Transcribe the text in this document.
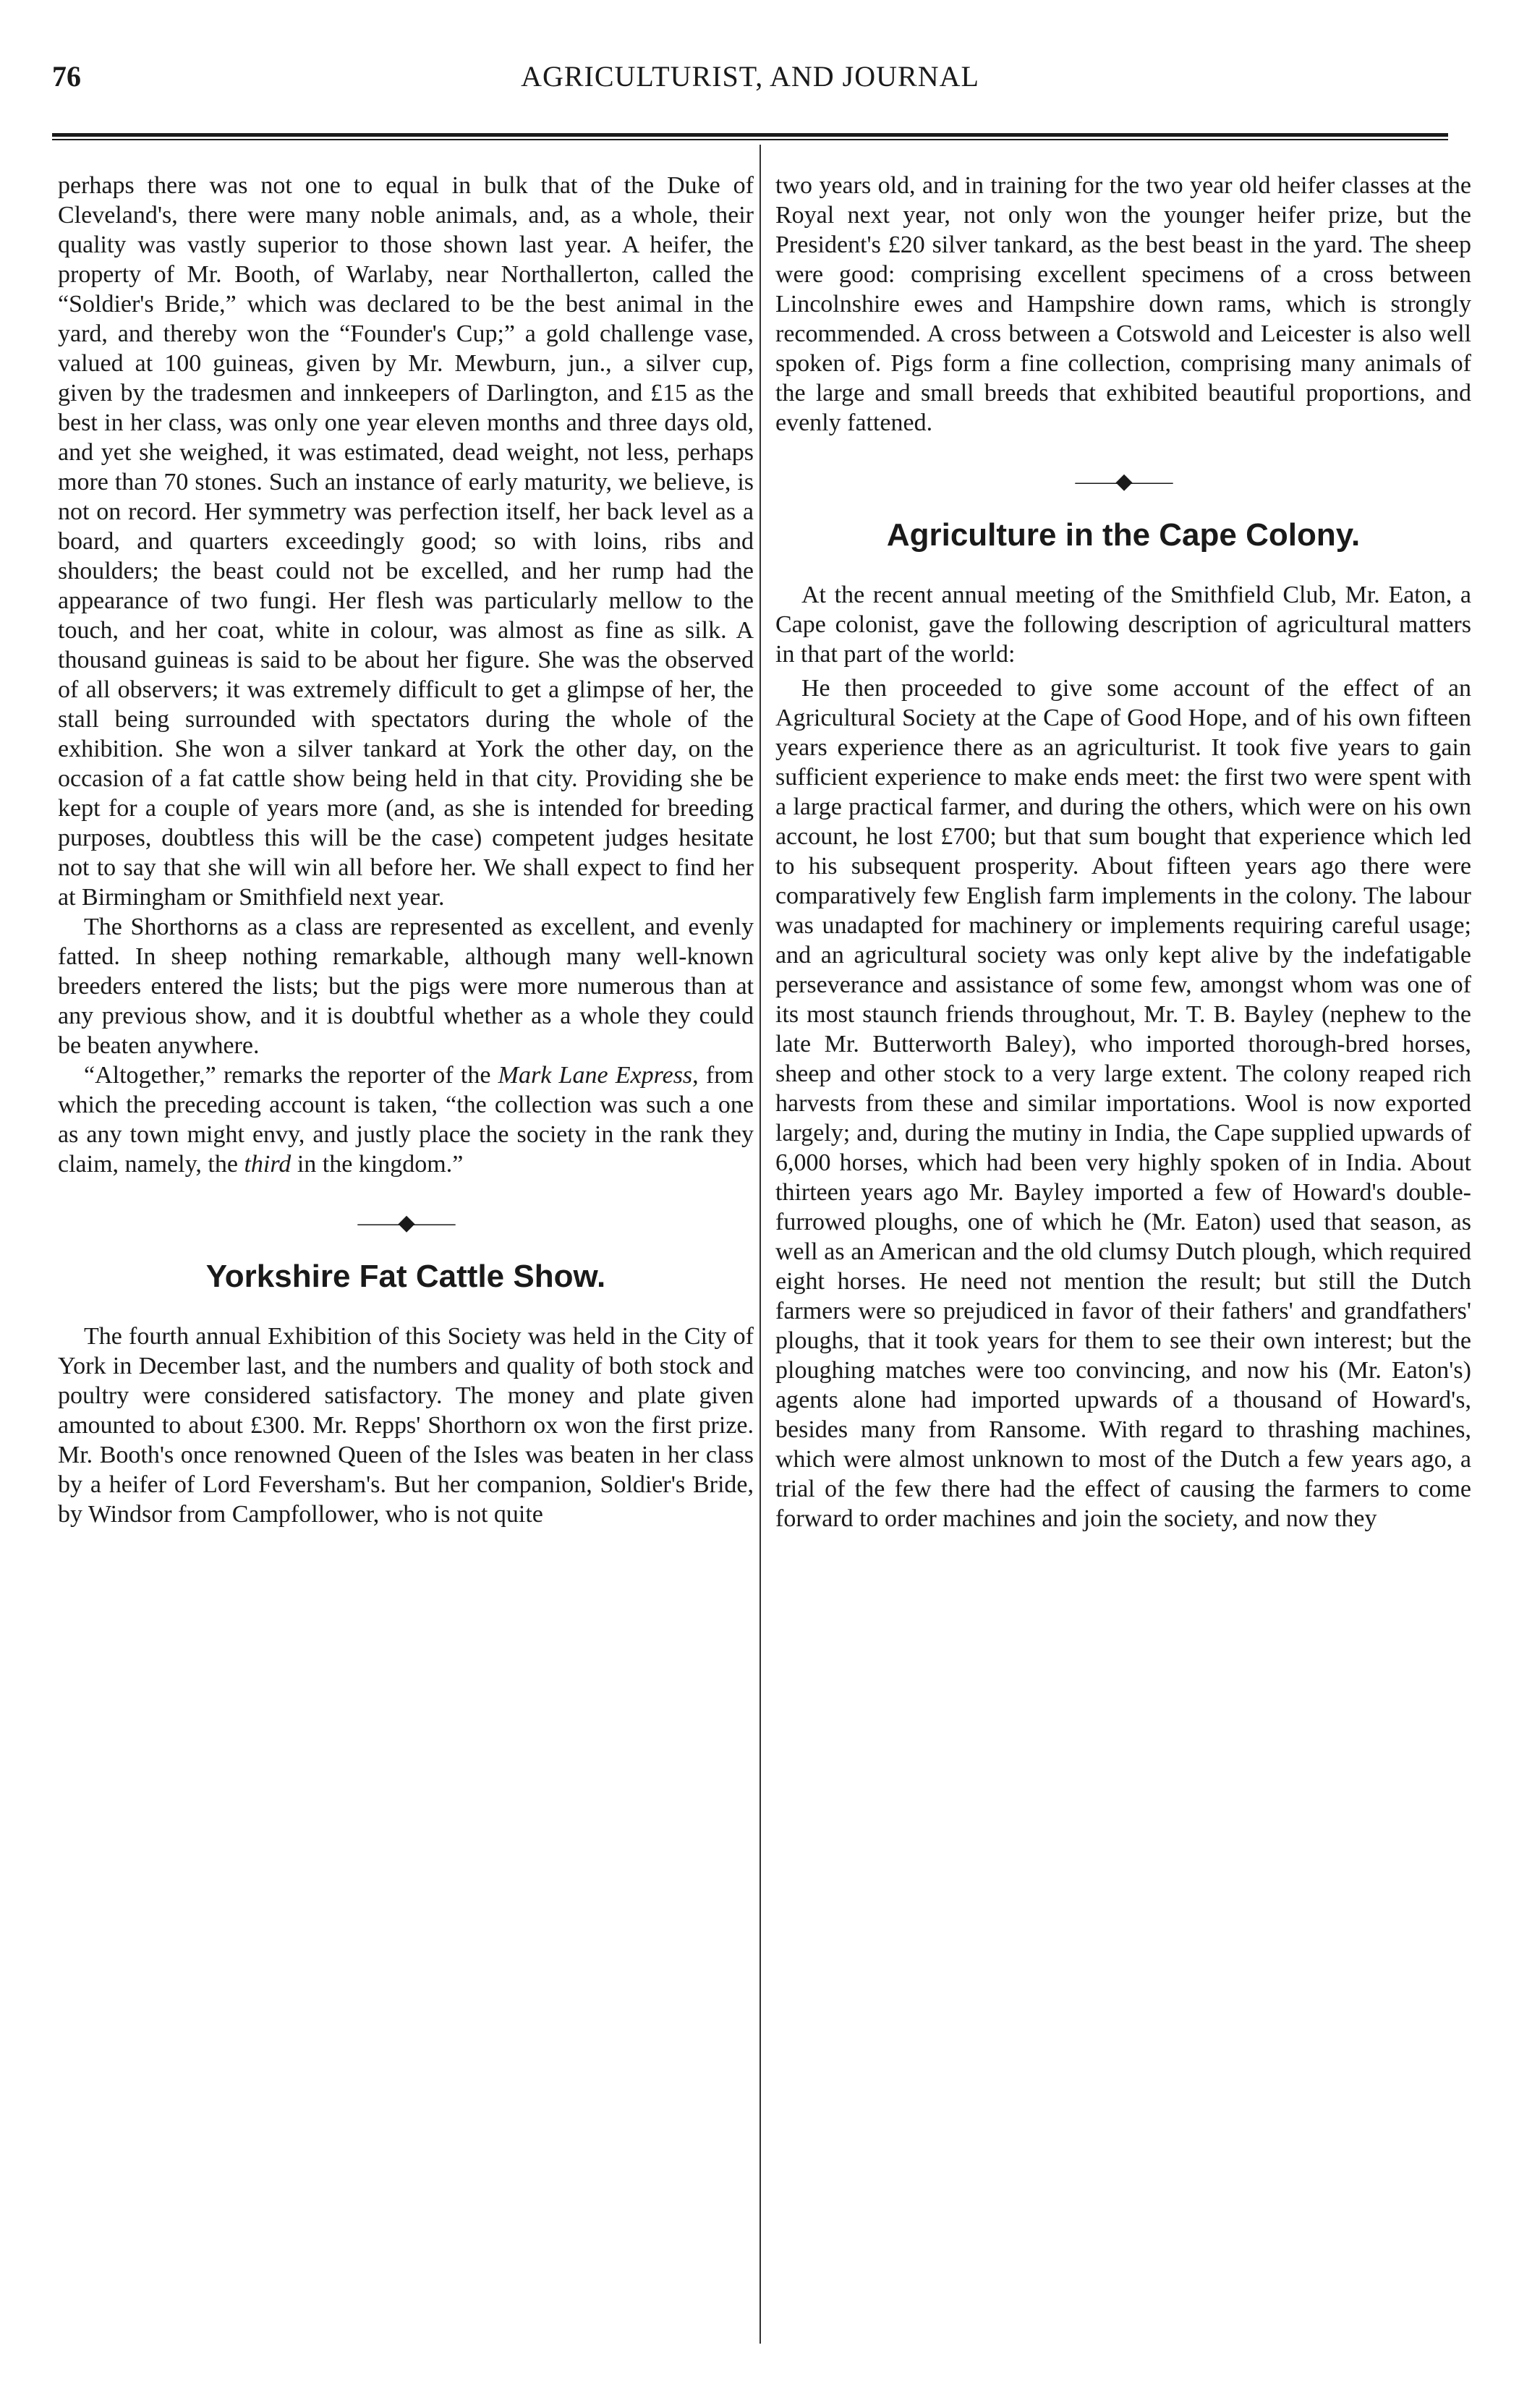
76	AGRICULTURIST, AND JOURNAL

perhaps there was not one to equal in bulk that of the Duke of Cleveland's, there were many noble animals, and, as a whole, their quality was vastly superior to those shown last year. A heifer, the property of Mr. Booth, of Warlaby, near Northallerton, called the “Soldier's Bride,” which was declared to be the best animal in the yard, and thereby won the “Founder's Cup;” a gold challenge vase, valued at 100 guineas, given by Mr. Mewburn, jun., a silver cup, given by the tradesmen and innkeepers of Darlington, and £15 as the best in her class, was only one year eleven months and three days old, and yet she weighed, it was estimated, dead weight, not less, perhaps more than 70 stones. Such an instance of early maturity, we believe, is not on record. Her symmetry was perfection itself, her back level as a board, and quarters exceedingly good; so with loins, ribs and shoulders; the beast could not be excelled, and her rump had the appearance of two fungi. Her flesh was particularly mellow to the touch, and her coat, white in colour, was almost as fine as silk. A thousand guineas is said to be about her figure. She was the observed of all observers; it was extremely difficult to get a glimpse of her, the stall being surrounded with spectators during the whole of the exhibition. She won a silver tankard at York the other day, on the occasion of a fat cattle show being held in that city. Providing she be kept for a couple of years more (and, as she is intended for breeding purposes, doubtless this will be the case) competent judges hesitate not to say that she will win all before her. We shall expect to find her at Birmingham or Smithfield next year.

The Shorthorns as a class are represented as excellent, and evenly fatted. In sheep nothing remarkable, although many well-known breeders entered the lists; but the pigs were more numerous than at any previous show, and it is doubtful whether as a whole they could be beaten anywhere.

“Altogether,” remarks the reporter of the Mark Lane Express, from which the preceding account is taken, “the collection was such a one as any town might envy, and justly place the society in the rank they claim, namely, the third in the kingdom.”

——◆——
Yorkshire Fat Cattle Show.

The fourth annual Exhibition of this Society was held in the City of York in December last, and the numbers and quality of both stock and poultry were considered satisfactory. The money and plate given amounted to about £300. Mr. Repps' Shorthorn ox won the first prize. Mr. Booth's once renowned Queen of the Isles was beaten in her class by a heifer of Lord Feversham's. But her companion, Soldier's Bride, by Windsor from Campfollower, who is not quite

two years old, and in training for the two year old heifer classes at the Royal next year, not only won the younger heifer prize, but the President's £20 silver tankard, as the best beast in the yard. The sheep were good: comprising excellent specimens of a cross between Lincolnshire ewes and Hampshire down rams, which is strongly recommended. A cross between a Cotswold and Leicester is also well spoken of. Pigs form a fine collection, comprising many animals of the large and small breeds that exhibited beautiful proportions, and evenly fattened.

——◆——
Agriculture in the Cape Colony.

At the recent annual meeting of the Smithfield Club, Mr. Eaton, a Cape colonist, gave the following description of agricultural matters in that part of the world:

He then proceeded to give some account of the effect of an Agricultural Society at the Cape of Good Hope, and of his own fifteen years experience there as an agriculturist. It took five years to gain sufficient experience to make ends meet: the first two were spent with a large practical farmer, and during the others, which were on his own account, he lost £700; but that sum bought that experience which led to his subsequent prosperity. About fifteen years ago there were comparatively few English farm implements in the colony. The labour was unadapted for machinery or implements requiring careful usage; and an agricultural society was only kept alive by the indefatigable perseverance and assistance of some few, amongst whom was one of its most staunch friends throughout, Mr. T. B. Bayley (nephew to the late Mr. Butterworth Baley), who imported thorough-bred horses, sheep and other stock to a very large extent. The colony reaped rich harvests from these and similar importations. Wool is now exported largely; and, during the mutiny in India, the Cape supplied upwards of 6,000 horses, which had been very highly spoken of in India. About thirteen years ago Mr. Bayley imported a few of Howard's double-furrowed ploughs, one of which he (Mr. Eaton) used that season, as well as an American and the old clumsy Dutch plough, which required eight horses. He need not mention the result; but still the Dutch farmers were so prejudiced in favor of their fathers' and grandfathers' ploughs, that it took years for them to see their own interest; but the ploughing matches were too convincing, and now his (Mr. Eaton's) agents alone had imported upwards of a thousand of Howard's, besides many from Ransome. With regard to thrashing machines, which were almost unknown to most of the Dutch a few years ago, a trial of the few there had the effect of causing the farmers to come forward to order machines and join the society, and now they
